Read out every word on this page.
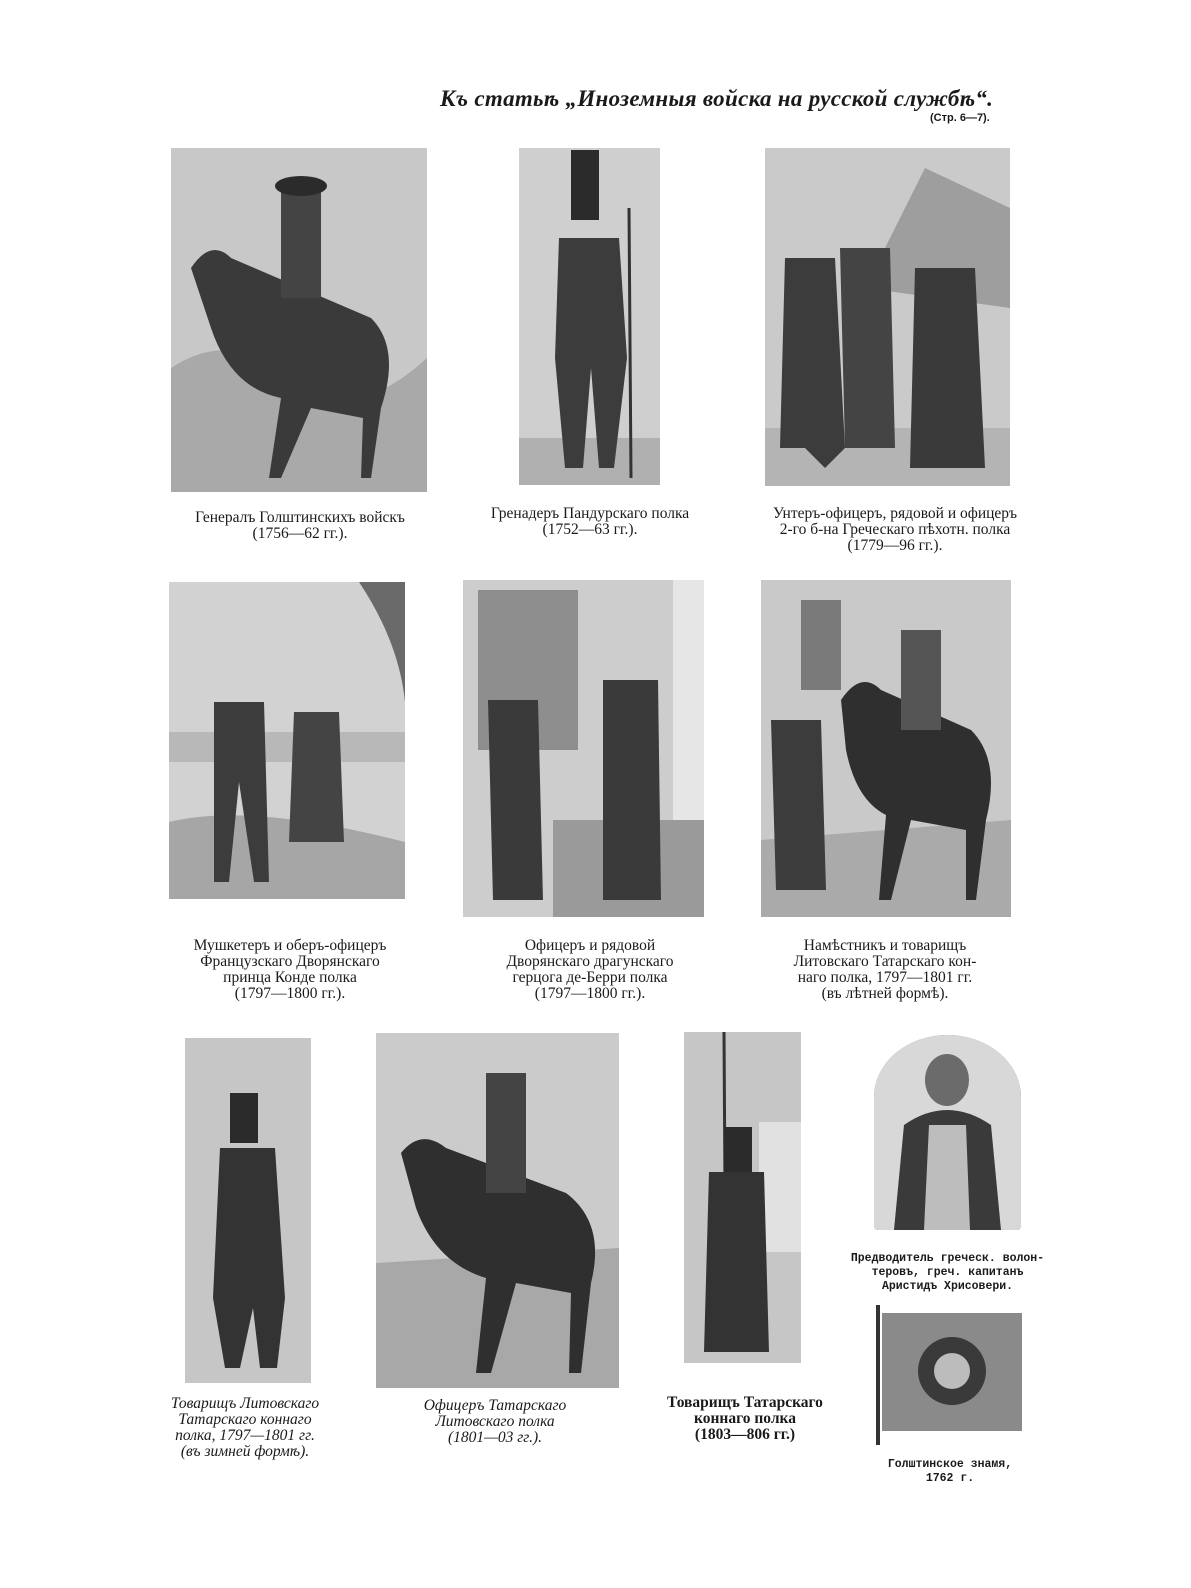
Къ статьѣ „Иноземныя войска на русской службѣ“.
(Стр. 6—7).
Генералъ Голштинскихъ войскъ
(1756—62 гг.).
Гренадеръ Пандурскаго полка
(1752—63 гг.).
Унтеръ-офицеръ, рядовой и офицеръ
2-го б-на Греческаго пѣхотн. полка
(1779—96 гг.).
Мушкетеръ и оберъ-офицеръ
Французскаго Дворянскаго
принца Конде полка
(1797—1800 гг.).
Офицеръ и рядовой
Дворянскаго драгунскаго
герцога де-Берри полка
(1797—1800 гг.).
Намѣстникъ и товарищъ
Литовскаго Татарскаго кон-
наго полка, 1797—1801 гг.
(въ лѣтней формѣ).
Товарищъ Литовскаго
Татарскаго коннаго
полка, 1797—1801 гг.
(въ зимней формѣ).
Офицеръ Татарскаго
Литовскаго полка
(1801—03 гг.).
Товарищъ Татарскаго
коннаго полка
(1803—806 гг.)
Предводитель греческ. волон-
теровъ, греч. капитанъ
Аристидъ Хрисовери.
Голштинское знамя,
1762 г.
